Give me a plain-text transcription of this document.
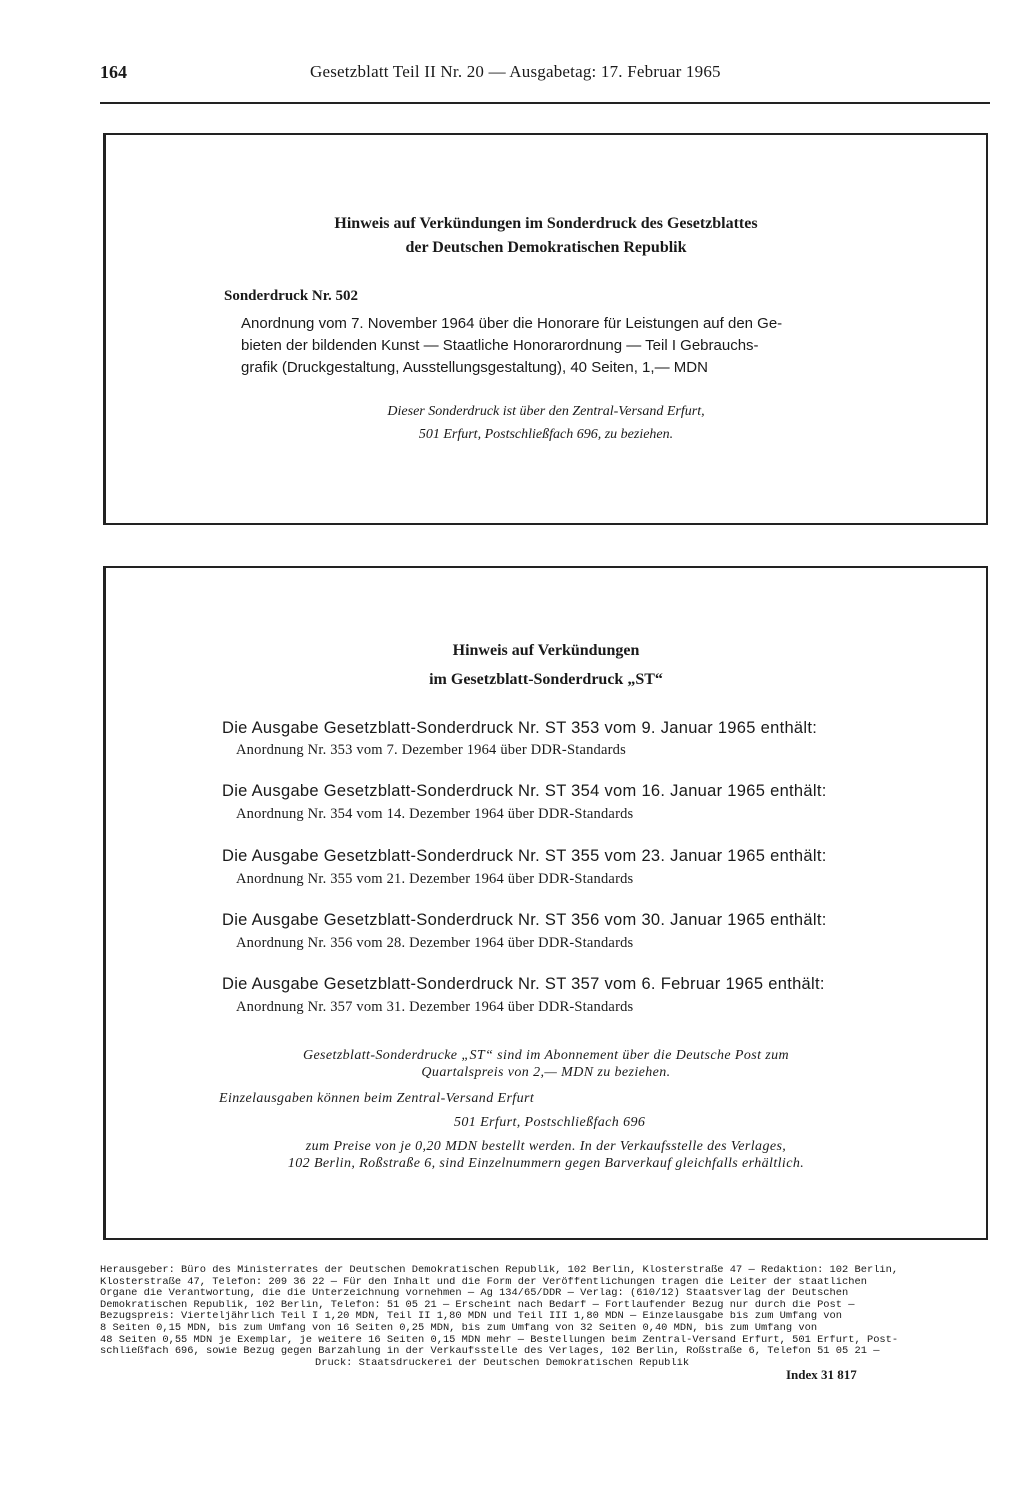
164	Gesetzblatt Teil II Nr. 20 — Ausgabetag: 17. Februar 1965
Hinweis auf Verkündungen im Sonderdruck des Gesetzblattes
der Deutschen Demokratischen Republik
Sonderdruck Nr. 502
Anordnung vom 7. November 1964 über die Honorare für Leistungen auf den Ge-
bieten der bildenden Kunst — Staatliche Honorarordnung — Teil I Gebrauchs-
grafik (Druckgestaltung, Ausstellungsgestaltung), 40 Seiten, 1,— MDN
Dieser Sonderdruck ist über den Zentral-Versand Erfurt,
501 Erfurt, Postschließfach 696, zu beziehen.
Hinweis auf Verkündungen
im Gesetzblatt-Sonderdruck „ST“
Die Ausgabe Gesetzblatt-Sonderdruck Nr. ST 353 vom 9. Januar 1965 enthält:
Anordnung Nr. 353 vom 7. Dezember 1964 über DDR-Standards
Die Ausgabe Gesetzblatt-Sonderdruck Nr. ST 354 vom 16. Januar 1965 enthält:
Anordnung Nr. 354 vom 14. Dezember 1964 über DDR-Standards
Die Ausgabe Gesetzblatt-Sonderdruck Nr. ST 355 vom 23. Januar 1965 enthält:
Anordnung Nr. 355 vom 21. Dezember 1964 über DDR-Standards
Die Ausgabe Gesetzblatt-Sonderdruck Nr. ST 356 vom 30. Januar 1965 enthält:
Anordnung Nr. 356 vom 28. Dezember 1964 über DDR-Standards
Die Ausgabe Gesetzblatt-Sonderdruck Nr. ST 357 vom 6. Februar 1965 enthält:
Anordnung Nr. 357 vom 31. Dezember 1964 über DDR-Standards
Gesetzblatt-Sonderdrucke „ST“ sind im Abonnement über die Deutsche Post zum
Quartalspreis von 2,— MDN zu beziehen.
Einzelausgaben können beim Zentral-Versand Erfurt
501 Erfurt, Postschließfach 696
zum Preise von je 0,20 MDN bestellt werden. In der Verkaufsstelle des Verlages,
102 Berlin, Roßstraße 6, sind Einzelnummern gegen Barverkauf gleichfalls erhältlich.
Herausgeber: Büro des Ministerrates der Deutschen Demokratischen Republik, 102 Berlin, Klosterstraße 47 — Redaktion: 102 Berlin,
Klosterstraße 47, Telefon: 209 36 22 — Für den Inhalt und die Form der Veröffentlichungen tragen die Leiter der staatlichen
Organe die Verantwortung, die die Unterzeichnung vornehmen — Ag 134/65/DDR — Verlag: (610/12) Staatsverlag der Deutschen
Demokratischen Republik, 102 Berlin, Telefon: 51 05 21 — Erscheint nach Bedarf — Fortlaufender Bezug nur durch die Post —
Bezugspreis: Vierteljährlich Teil I 1,20 MDN, Teil II 1,80 MDN und Teil III 1,80 MDN — Einzelausgabe bis zum Umfang von
8 Seiten 0,15 MDN, bis zum Umfang von 16 Seiten 0,25 MDN, bis zum Umfang von 32 Seiten 0,40 MDN, bis zum Umfang von
48 Seiten 0,55 MDN je Exemplar, je weitere 16 Seiten 0,15 MDN mehr — Bestellungen beim Zentral-Versand Erfurt, 501 Erfurt, Post-
schließfach 696, sowie Bezug gegen Barzahlung in der Verkaufsstelle des Verlages, 102 Berlin, Roßstraße 6, Telefon 51 05 21 —
Druck: Staatsdruckerei der Deutschen Demokratischen Republik
Index 31 817
